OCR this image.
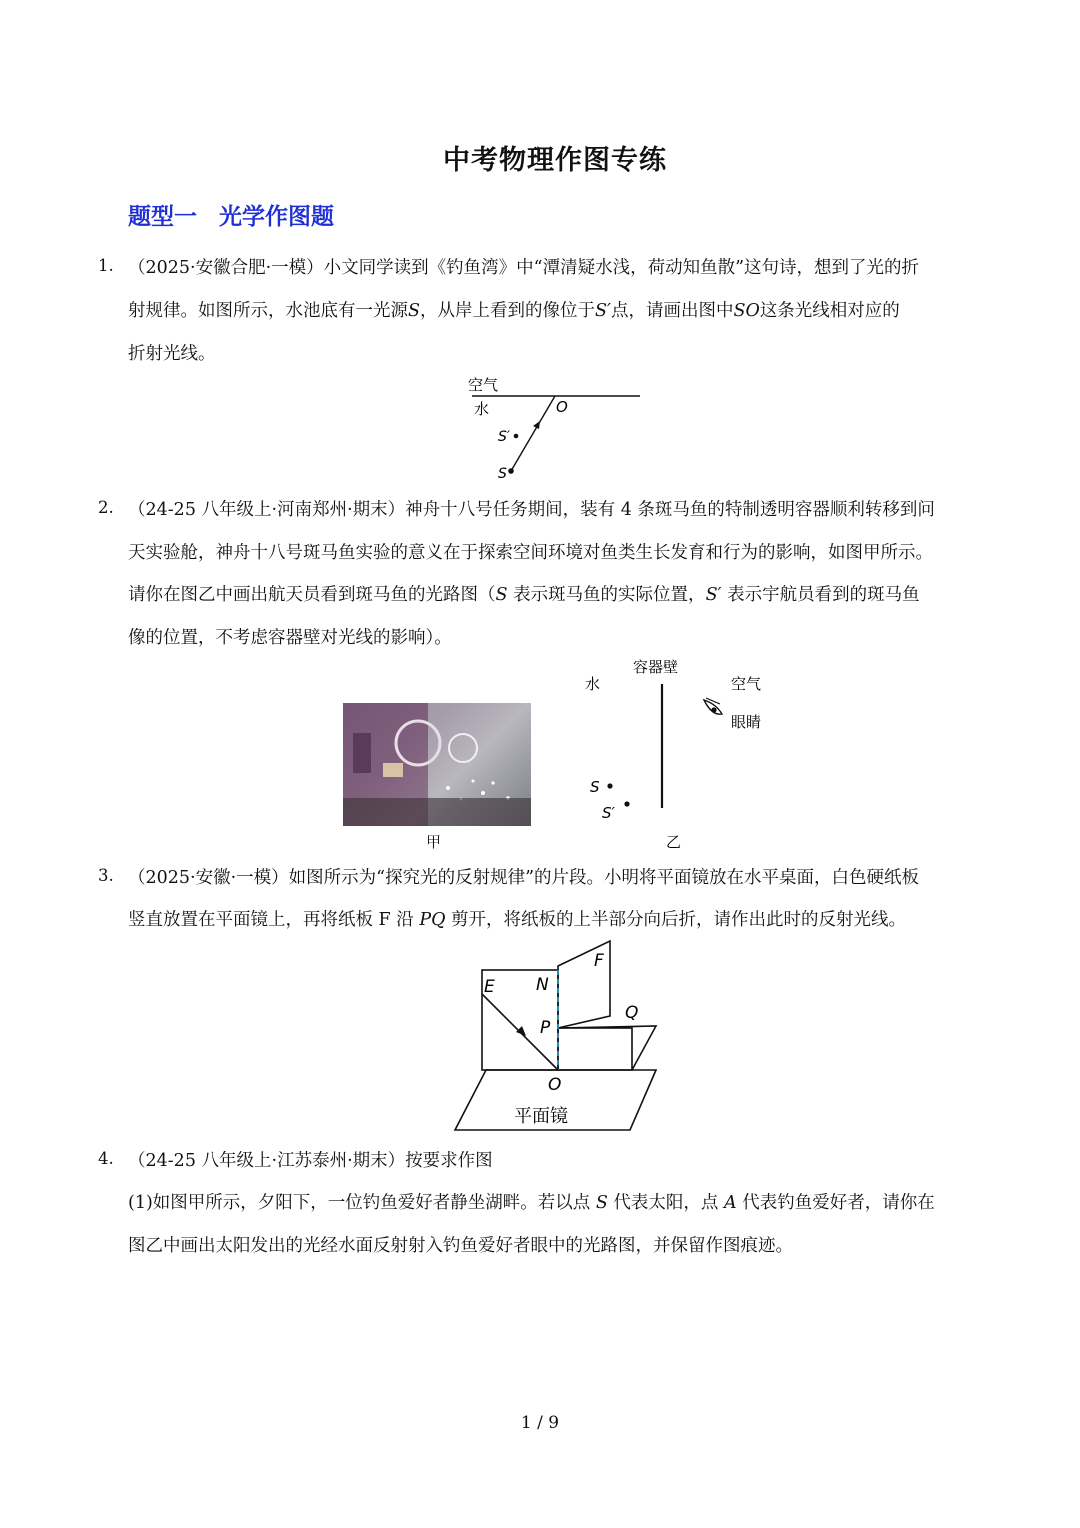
中考物理作图专练
题型一 光学作图题
1. （2025·安徽合肥·一模）小文同学读到《钓鱼湾》中“潭清疑水浅，荷动知鱼散”这句诗，想到了光的折
射规律。如图所示，水池底有一光源S，从岸上看到的像位于S′点，请画出图中SO这条光线相对应的
折射光线。
空气
水	O
S′
S
2. （24-25 八年级上·河南郑州·期末）神舟十八号任务期间，装有 4 条斑马鱼的特制透明容器顺利转移到问
天实验舱，神舟十八号斑马鱼实验的意义在于探索空间环境对鱼类生长发育和行为的影响，如图甲所示。
请你在图乙中画出航天员看到斑马鱼的光路图（S 表示斑马鱼的实际位置，S′ 表示宇航员看到的斑马鱼
像的位置，不考虑容器壁对光线的影响）。
甲
容器壁
水	空气
眼睛
S
S′
乙
3. （2025·安徽·一模）如图所示为“探究光的反射规律”的片段。小明将平面镜放在水平桌面，白色硬纸板
竖直放置在平面镜上，再将纸板 F 沿 PQ 剪开，将纸板的上半部分向后折，请作出此时的反射光线。
E N
F
P
Q
O
平面镜
4. （24-25 八年级上·江苏泰州·期末）按要求作图
(1)如图甲所示，夕阳下，一位钓鱼爱好者静坐湖畔。若以点 S 代表太阳，点 A 代表钓鱼爱好者，请你在
图乙中画出太阳发出的光经水面反射射入钓鱼爱好者眼中的光路图，并保留作图痕迹。
1 / 9
